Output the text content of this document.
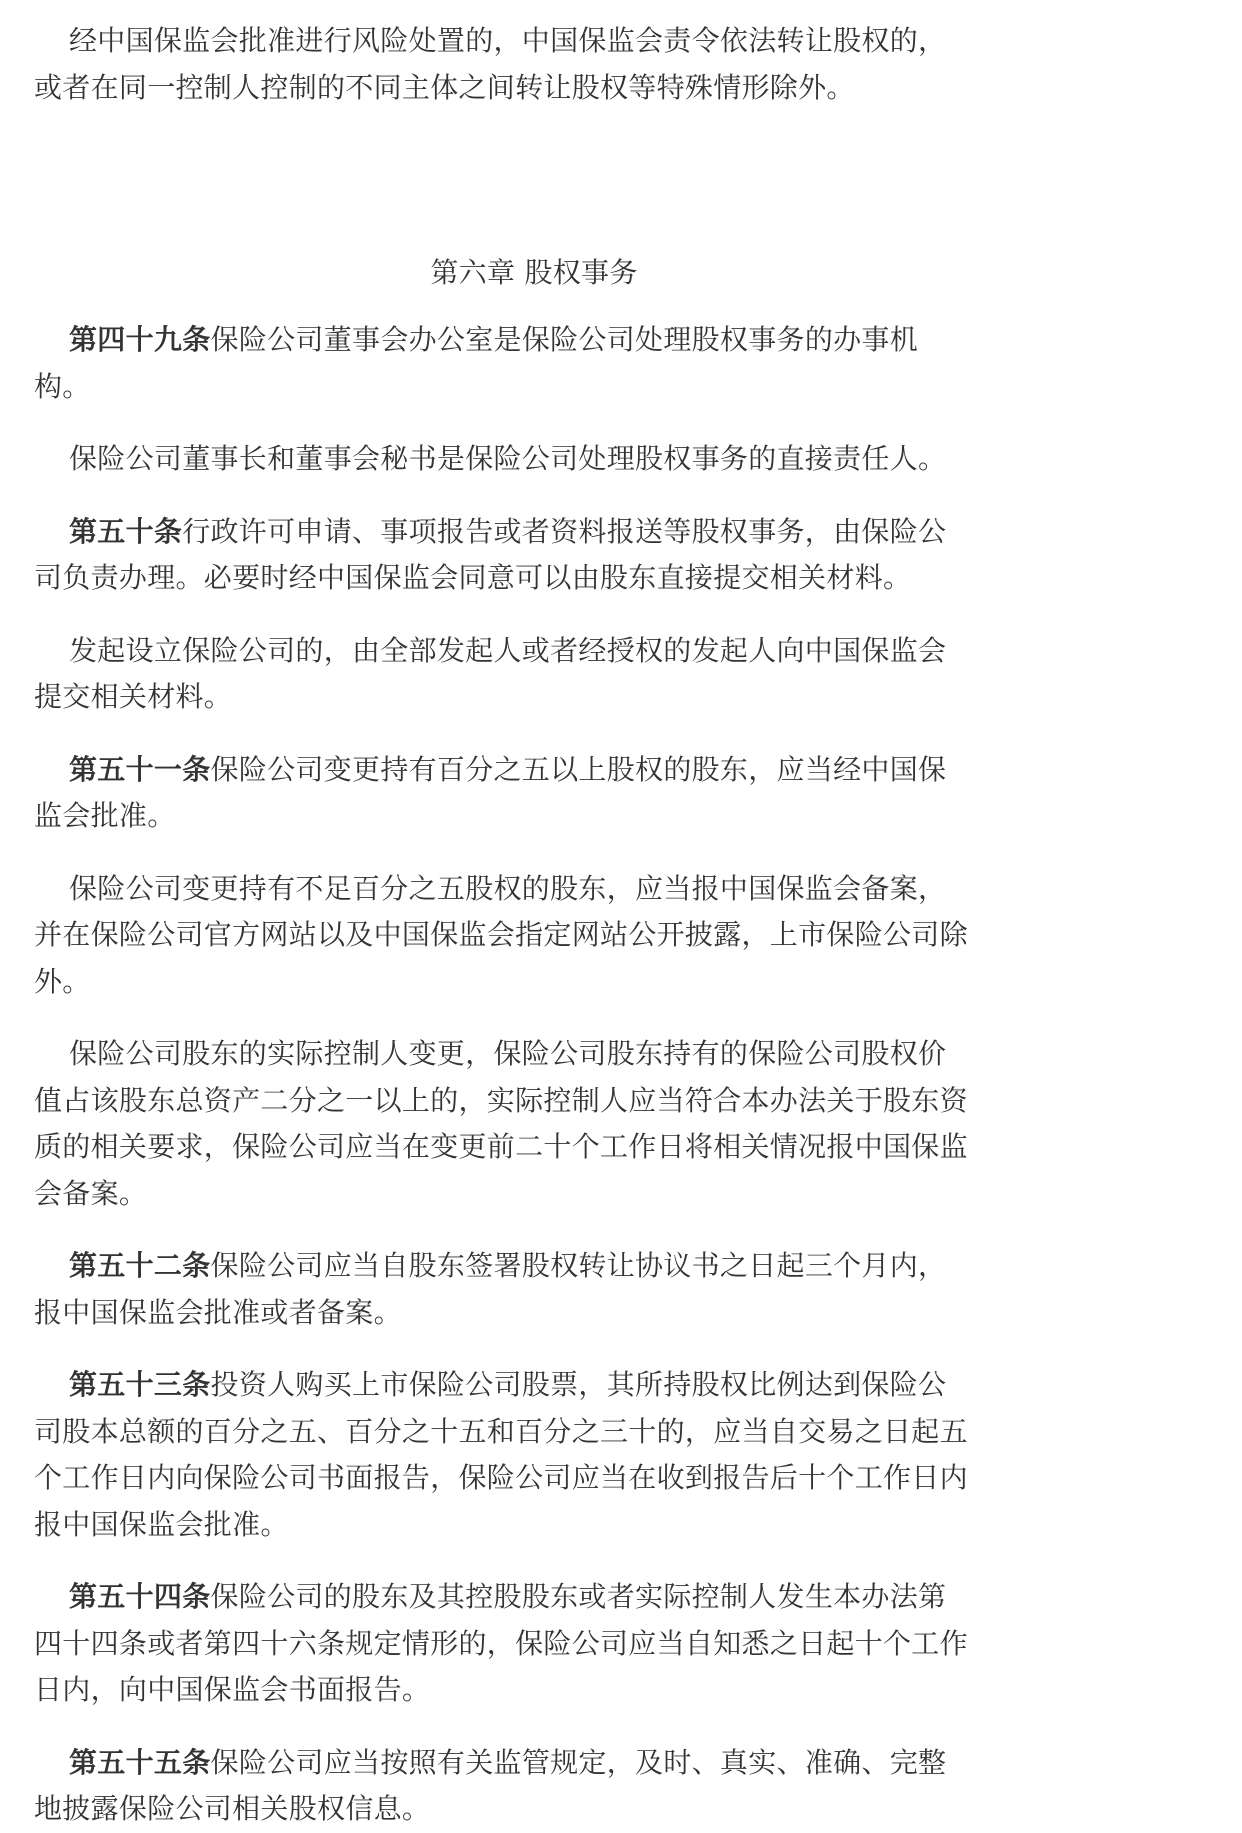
经中国保监会批准进行风险处置的，中国保监会责令依法转让股权的，或者在同一控制人控制的不同主体之间转让股权等特殊情形除外。

第六章 股权事务

第四十九条保险公司董事会办公室是保险公司处理股权事务的办事机构。

保险公司董事长和董事会秘书是保险公司处理股权事务的直接责任人。

第五十条行政许可申请、事项报告或者资料报送等股权事务，由保险公司负责办理。必要时经中国保监会同意可以由股东直接提交相关材料。

发起设立保险公司的，由全部发起人或者经授权的发起人向中国保监会提交相关材料。

第五十一条保险公司变更持有百分之五以上股权的股东，应当经中国保监会批准。

保险公司变更持有不足百分之五股权的股东，应当报中国保监会备案，并在保险公司官方网站以及中国保监会指定网站公开披露，上市保险公司除外。

保险公司股东的实际控制人变更，保险公司股东持有的保险公司股权价值占该股东总资产二分之一以上的，实际控制人应当符合本办法关于股东资质的相关要求，保险公司应当在变更前二十个工作日将相关情况报中国保监会备案。

第五十二条保险公司应当自股东签署股权转让协议书之日起三个月内，报中国保监会批准或者备案。

第五十三条投资人购买上市保险公司股票，其所持股权比例达到保险公司股本总额的百分之五、百分之十五和百分之三十的，应当自交易之日起五个工作日内向保险公司书面报告，保险公司应当在收到报告后十个工作日内报中国保监会批准。

第五十四条保险公司的股东及其控股股东或者实际控制人发生本办法第四十四条或者第四十六条规定情形的，保险公司应当自知悉之日起十个工作日内，向中国保监会书面报告。

第五十五条保险公司应当按照有关监管规定，及时、真实、准确、完整地披露保险公司相关股权信息。
